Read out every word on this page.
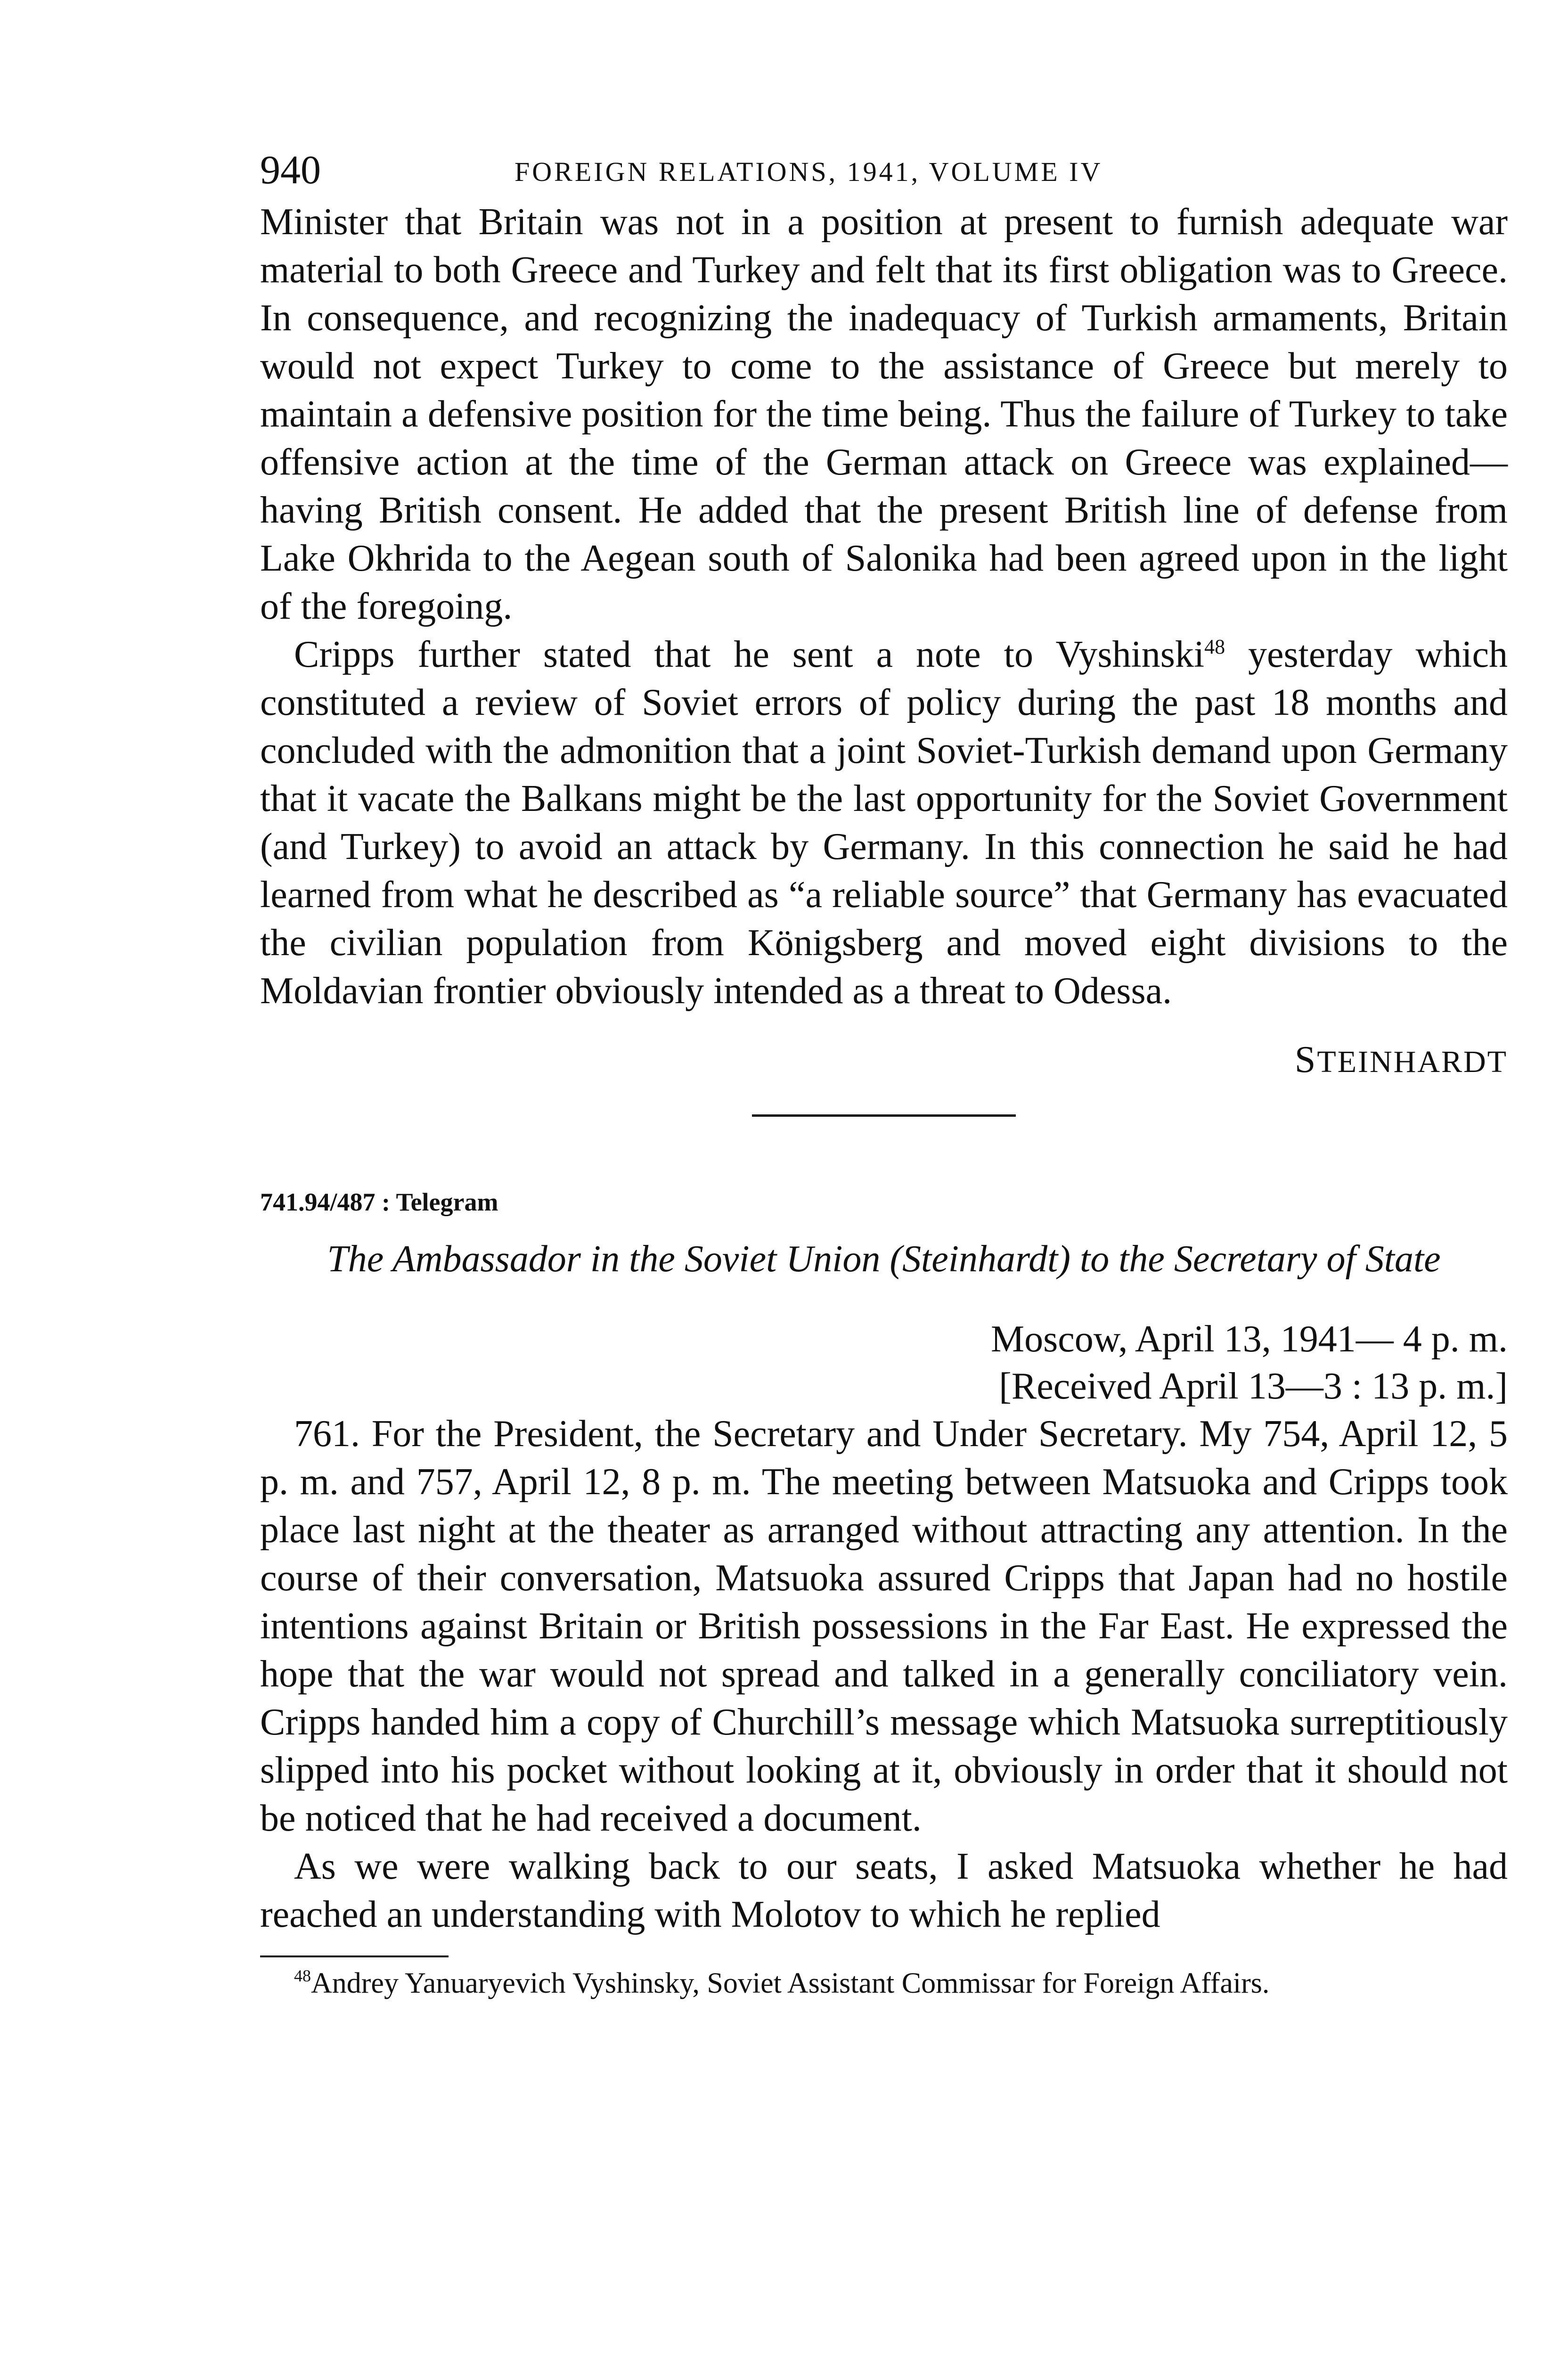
940	FOREIGN RELATIONS, 1941, VOLUME IV

Minister that Britain was not in a position at present to furnish adequate war material to both Greece and Turkey and felt that its first obligation was to Greece. In consequence, and recognizing the inadequacy of Turkish armaments, Britain would not expect Turkey to come to the assistance of Greece but merely to maintain a defensive position for the time being. Thus the failure of Turkey to take offensive action at the time of the German attack on Greece was explained—having British consent. He added that the present British line of defense from Lake Okhrida to the Aegean south of Salonika had been agreed upon in the light of the foregoing.

Cripps further stated that he sent a note to Vyshinski$^{48}$ yesterday which constituted a review of Soviet errors of policy during the past 18 months and concluded with the admonition that a joint Soviet-Turkish demand upon Germany that it vacate the Balkans might be the last opportunity for the Soviet Government (and Turkey) to avoid an attack by Germany. In this connection he said he had learned from what he described as “a reliable source” that Germany has evacuated the civilian population from Königsberg and moved eight divisions to the Moldavian frontier obviously intended as a threat to Odessa.

STEINHARDT
741.94/487 : Telegram
The Ambassador in the Soviet Union (Steinhardt) to the Secretary of State
Moscow, April 13, 1941— 4 p. m.
[Received April 13—3 : 13 p. m.]

761. For the President, the Secretary and Under Secretary. My 754, April 12, 5 p. m. and 757, April 12, 8 p. m. The meeting between Matsuoka and Cripps took place last night at the theater as arranged without attracting any attention. In the course of their conversation, Matsuoka assured Cripps that Japan had no hostile intentions against Britain or British possessions in the Far East. He expressed the hope that the war would not spread and talked in a generally conciliatory vein. Cripps handed him a copy of Churchill’s message which Matsuoka surreptitiously slipped into his pocket without looking at it, obviously in order that it should not be noticed that he had received a document.

As we were walking back to our seats, I asked Matsuoka whether he had reached an understanding with Molotov to which he replied

$^{48}$Andrey Yanuaryevich Vyshinsky, Soviet Assistant Commissar for Foreign Affairs.
